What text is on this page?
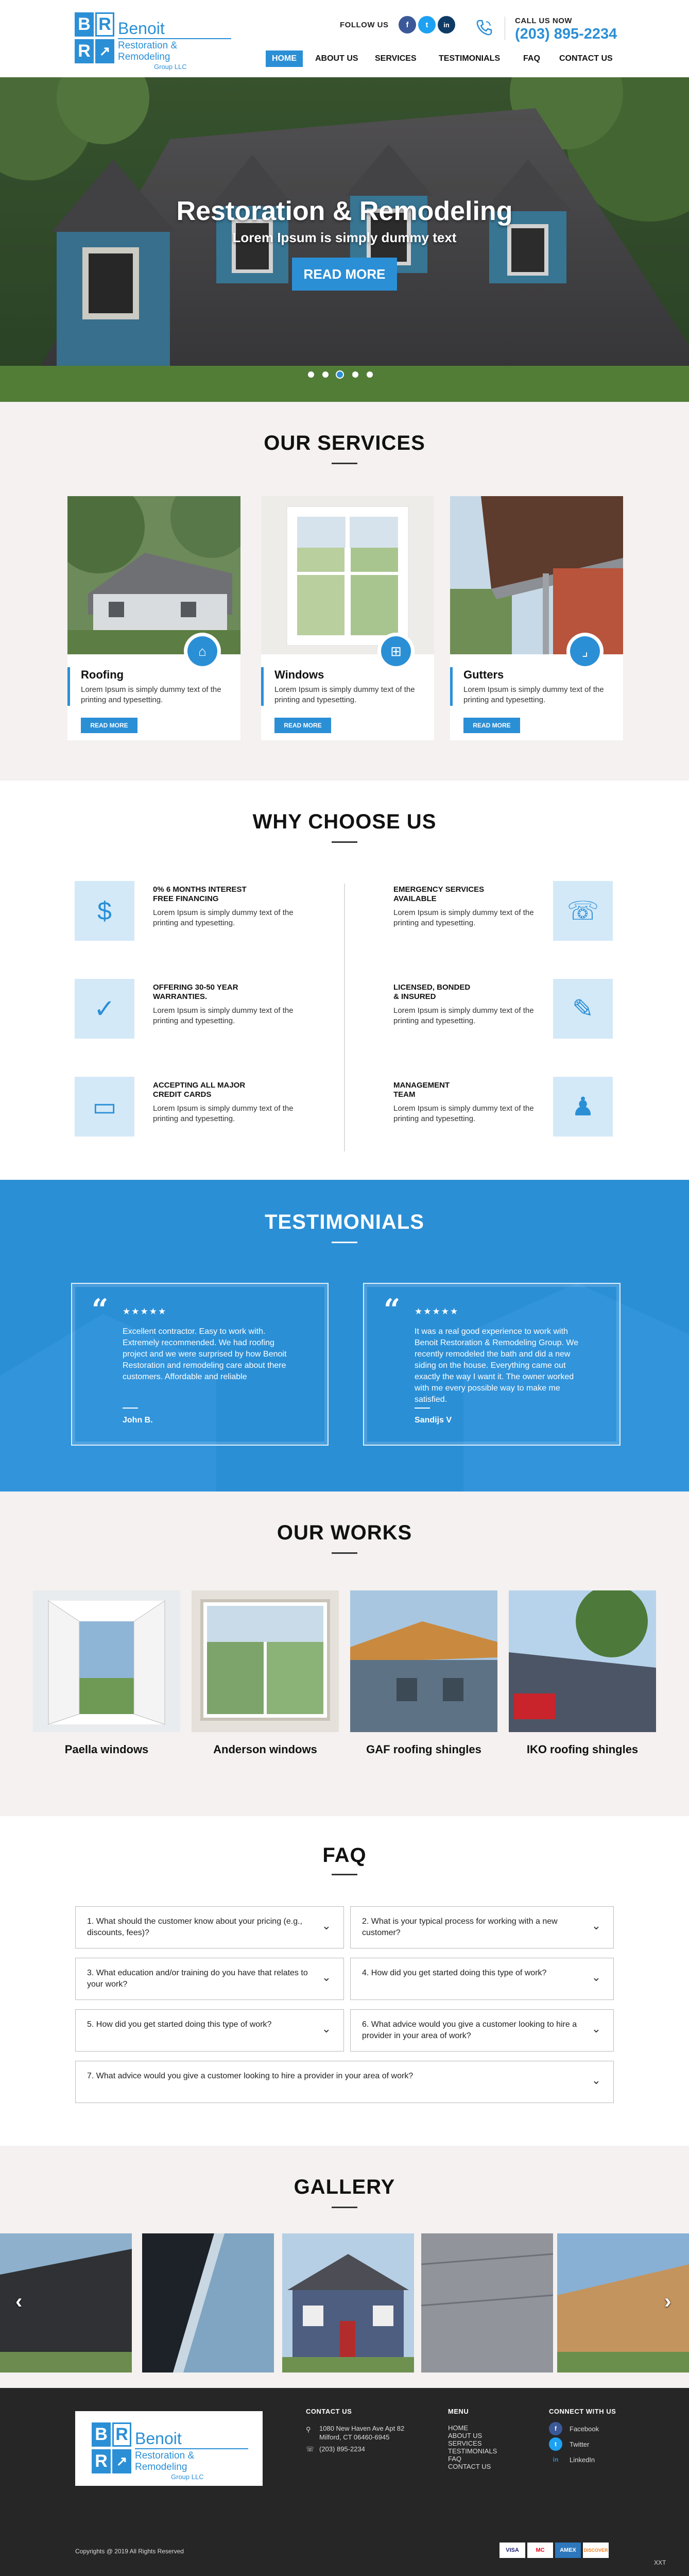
B R
R ↗
Benoit
Restoration & Remodeling
Group LLC
FOLLOW US	f	t	in	CALL US NOW
(203) 895-2234
HOME	ABOUT US	SERVICES	TESTIMONIALS	FAQ	CONTACT US
Restoration & Remodeling
Lorem Ipsum is simply dummy text
READ MORE
OUR SERVICES
⌂
Roofing
Lorem Ipsum is simply dummy text of the printing and typesetting.
READ MORE
⊞
Windows
Lorem Ipsum is simply dummy text of the printing and typesetting.
READ MORE
⌟
Gutters
Lorem Ipsum is simply dummy text of the printing and typesetting.
READ MORE
WHY CHOOSE US
$
0% 6 MONTHS INTEREST
FREE FINANCING
Lorem Ipsum is simply dummy text of the printing and typesetting.
EMERGENCY SERVICES
AVAILABLE
Lorem Ipsum is simply dummy text of the printing and typesetting.	☏
✓
OFFERING 30-50 YEAR
WARRANTIES.
Lorem Ipsum is simply dummy text of the printing and typesetting.
LICENSED, BONDED
& INSURED
Lorem Ipsum is simply dummy text of the printing and typesetting.	✎
▭
ACCEPTING ALL MAJOR
CREDIT CARDS
Lorem Ipsum is simply dummy text of the printing and typesetting.
MANAGEMENT
TEAM
Lorem Ipsum is simply dummy text of the printing and typesetting.	♟
TESTIMONIALS
“ ★★★★★
Excellent contractor. Easy to work with. Extremely recommended. We had roofing project and we were surprised by how Benoit Restoration and remodeling care about there customers. Affordable and reliable
John B.
“ ★★★★★
It was a real good experience to work with Benoit Restoration & Remodeling Group. We recently remodeled the bath and did a new siding on the house. Everything came out exactly the way I want it. The owner worked with me every possible way to make me satisfied.
Sandijs V
OUR WORKS
Paella windows	Anderson windows	GAF roofing shingles	IKO roofing shingles
FAQ
1. What should the customer know about your pricing (e.g., discounts, fees)?
⌄	2. What is your typical process for working with a new customer?
⌄
3. What education and/or training do you have that relates to your work?
⌄	4. How did you get started doing this type of work?	⌄
5. How did you get started doing this type of work?	⌄	6. What advice would you give a customer looking to hire a provider in your area of work?
⌄
7. What advice would you give a customer looking to hire a provider in your area of work?	⌄
GALLERY
‹	›
B R
R ↗
Benoit
Restoration & Remodeling
Group LLC
CONTACT US
⚲ 1080 New Haven Ave Apt 82
Milford, CT 06460-6945
☏ (203) 895-2234
MENU
HOME
ABOUT US
SERVICES
TESTIMONIALS
FAQ
CONTACT US
CONNECT WITH US
f	Facebook
t	Twitter
in	LinkedIn
Copyrights @ 2019 All Rights Reserved	VISA	MC	AMEX	DISCOVER
XXT
